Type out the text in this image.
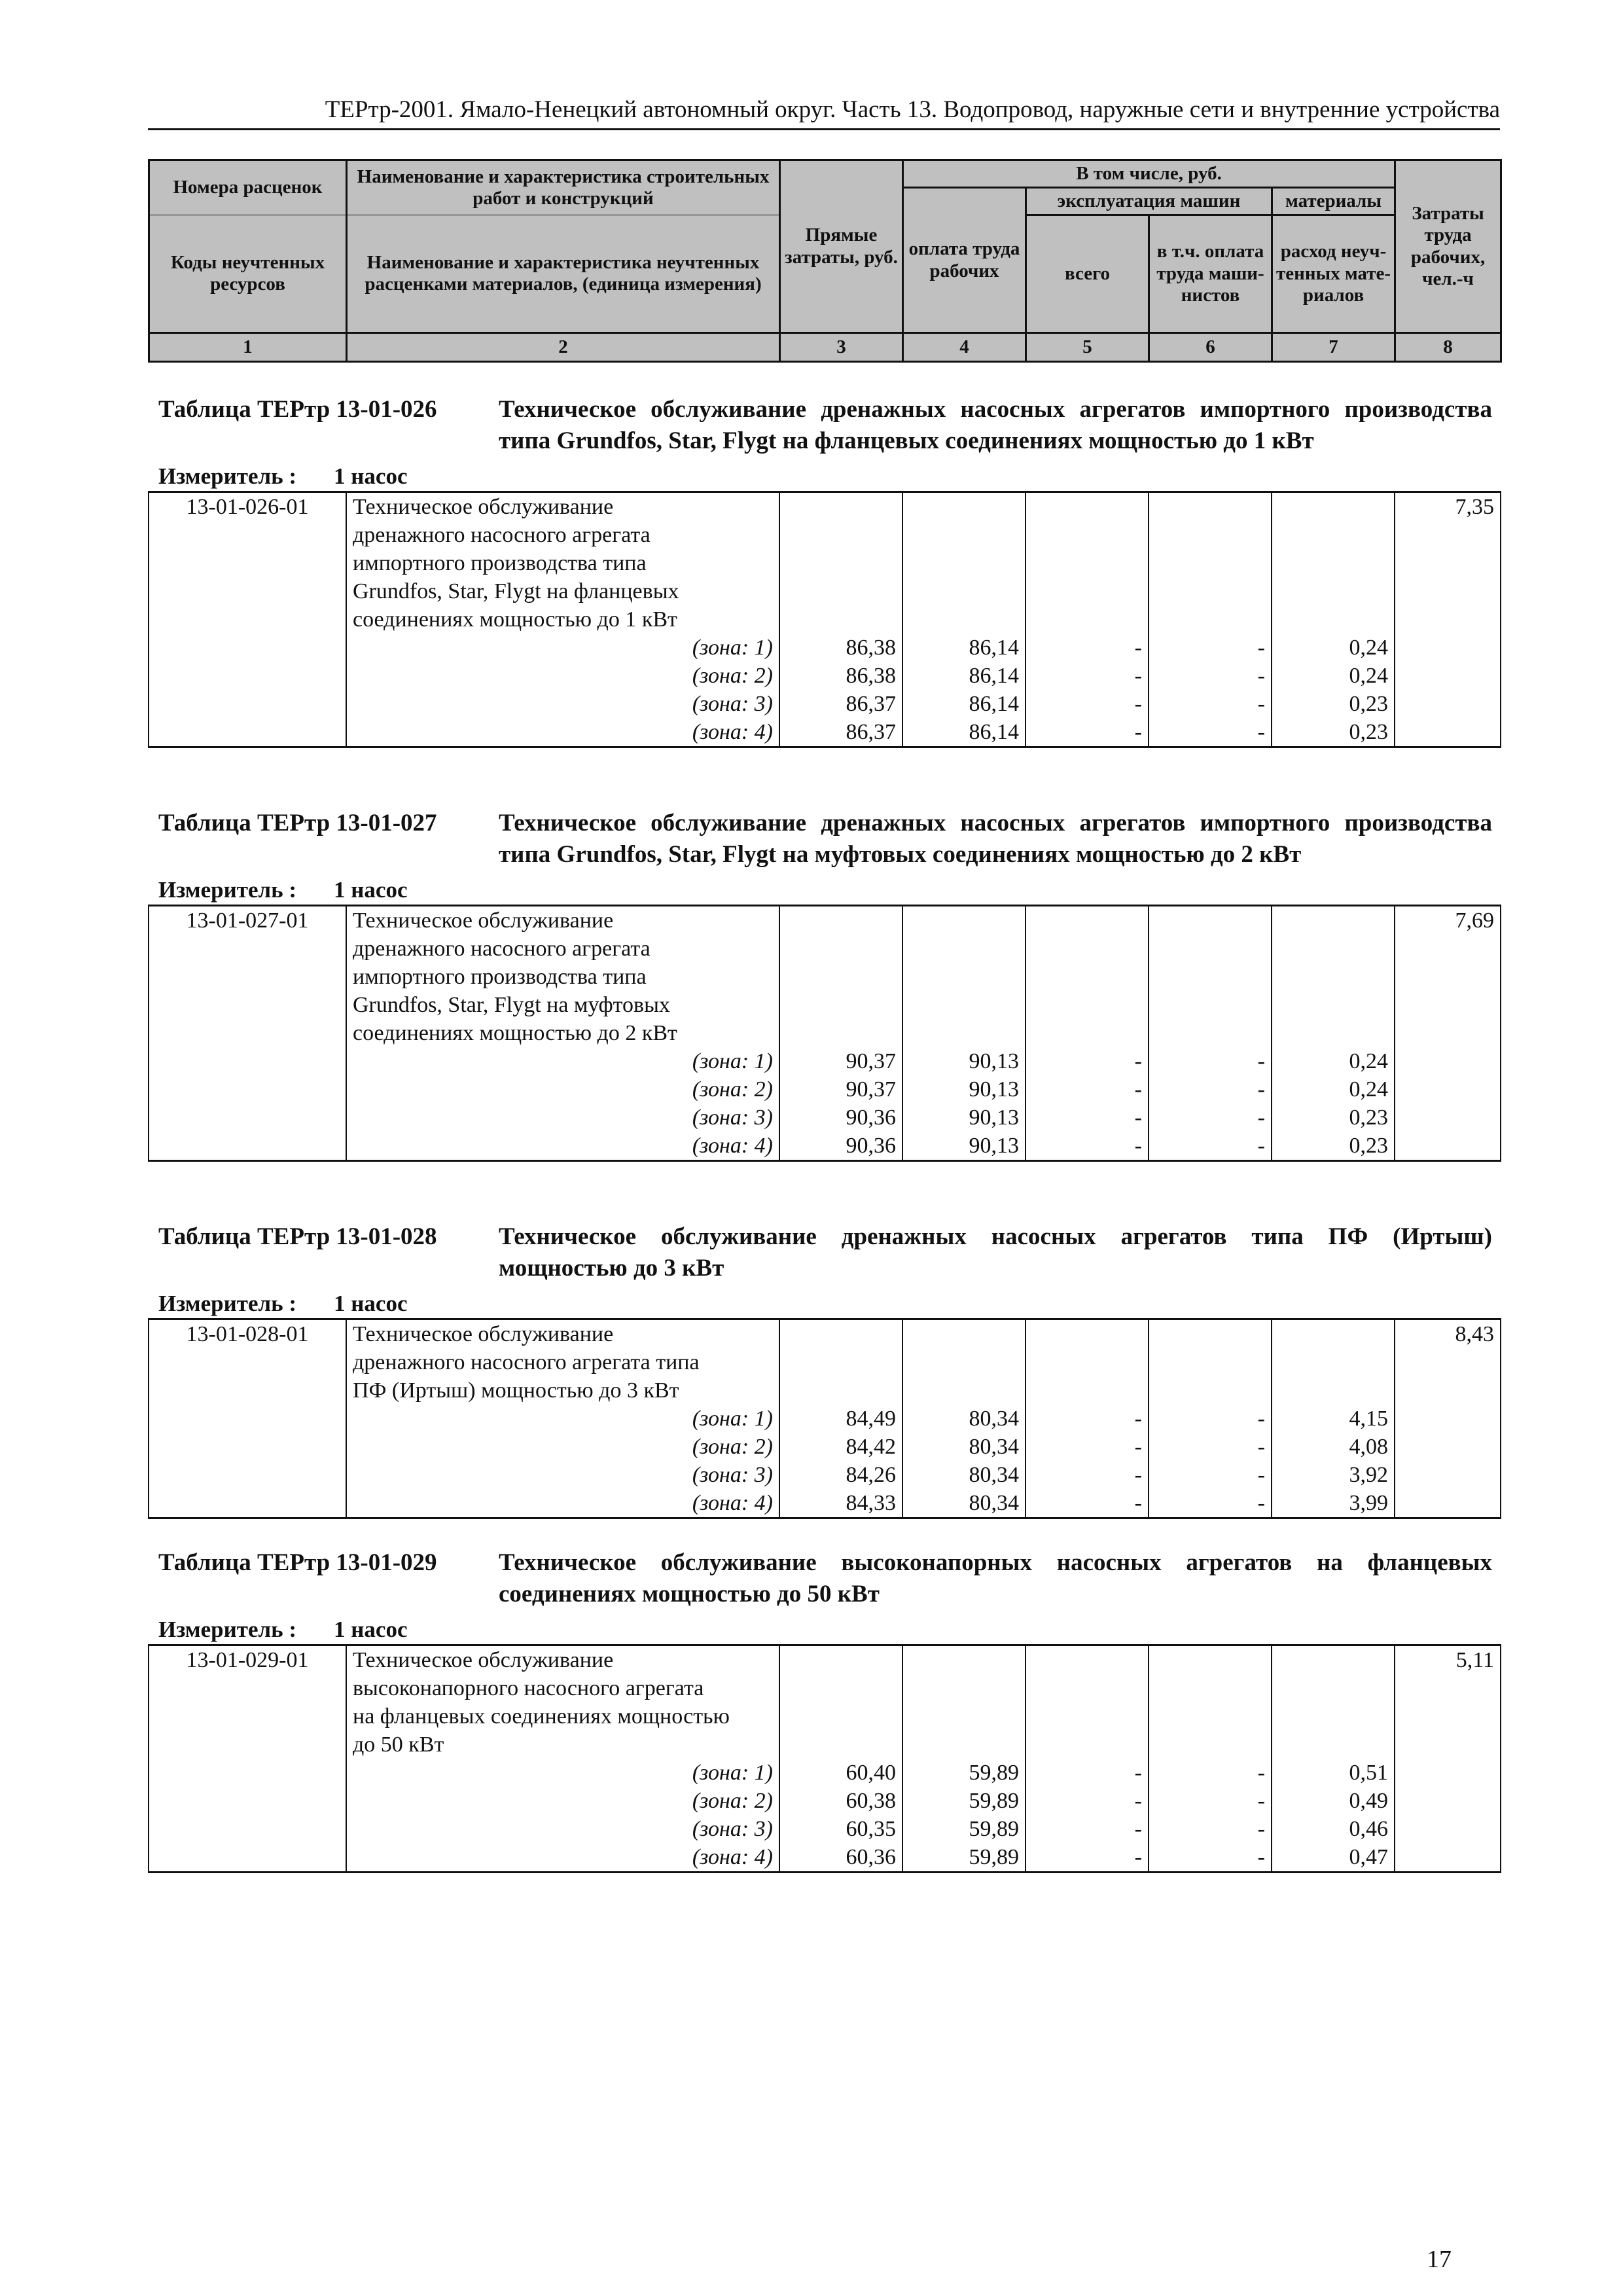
ТЕРтр-2001. Ямало-Ненецкий автономный округ. Часть 13. Водопровод, наружные сети и внутренние устройства
Номера расценок	Наименование и характеристика строительных работ и конструкций	Прямые затраты, руб.	В том числе, руб.				Затраты труда рабочих, чел.-ч
			оплата труда рабочих	эксплуатация машин		материалы	
Коды неучтенных ресурсов	Наименование и характеристика неучтенных расценками материалов, (единица измерения)			всего	в т.ч. оплата труда маши-нистов	расход неуч-тенных мате-риалов	

1	2	3	4	5	6	7	8
Таблица ТЕРтр 13-01-026	Техническое обслуживание дренажных насосных агрегатов импортного производства типа Grundfos, Star, Flygt на фланцевых соединениях мощностью до 1 кВт
Измеритель :	1 насос
13-01-026-01	Техническое обслуживание						7,35
	дренажного насосного агрегата						
	импортного производства типа						
	Grundfos, Star, Flygt на фланцевых						
	соединениях мощностью до 1 кВт						
	(зона: 1)	86,38	86,14	-	-	0,24	
	(зона: 2)	86,38	86,14	-	-	0,24	
	(зона: 3)	86,37	86,14	-	-	0,23	
	(зона: 4)	86,37	86,14	-	-	0,23	
Таблица ТЕРтр 13-01-027	Техническое обслуживание дренажных насосных агрегатов импортного производства типа Grundfos, Star, Flygt на муфтовых соединениях мощностью до 2 кВт
Измеритель :	1 насос
13-01-027-01	Техническое обслуживание						7,69
	дренажного насосного агрегата						
	импортного производства типа						
	Grundfos, Star, Flygt на муфтовых						
	соединениях мощностью до 2 кВт						
	(зона: 1)	90,37	90,13	-	-	0,24	
	(зона: 2)	90,37	90,13	-	-	0,24	
	(зона: 3)	90,36	90,13	-	-	0,23	
	(зона: 4)	90,36	90,13	-	-	0,23	
Таблица ТЕРтр 13-01-028	Техническое обслуживание дренажных насосных агрегатов типа ПФ (Иртыш) мощностью до 3 кВт
Измеритель :	1 насос
13-01-028-01	Техническое обслуживание						8,43
	дренажного насосного агрегата типа						
	ПФ (Иртыш) мощностью до 3 кВт						
	(зона: 1)	84,49	80,34	-	-	4,15	
	(зона: 2)	84,42	80,34	-	-	4,08	
	(зона: 3)	84,26	80,34	-	-	3,92	
	(зона: 4)	84,33	80,34	-	-	3,99	
Таблица ТЕРтр 13-01-029	Техническое обслуживание высоконапорных насосных агрегатов на фланцевых соединениях мощностью до 50 кВт
Измеритель :	1 насос
13-01-029-01	Техническое обслуживание						5,11
	высоконапорного насосного агрегата						
	на фланцевых соединениях мощностью						
	до 50 кВт						
	(зона: 1)	60,40	59,89	-	-	0,51	
	(зона: 2)	60,38	59,89	-	-	0,49	
	(зона: 3)	60,35	59,89	-	-	0,46	
	(зона: 4)	60,36	59,89	-	-	0,47	
17
